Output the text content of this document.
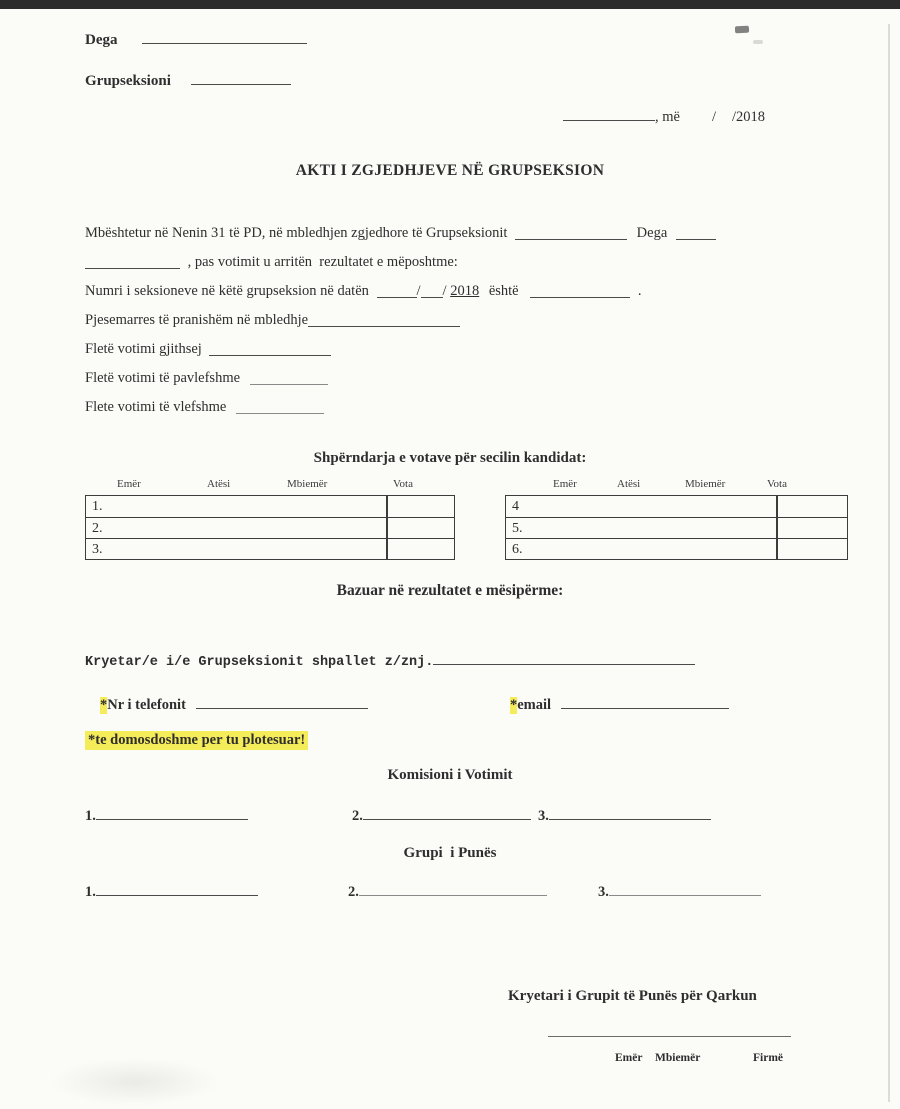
Dega
Grupseksioni
, më / /2018
AKTI I ZGJEDHJEVE NË GRUPSEKSION
Mbështetur në Nenin 31 të PD, në mbledhjen zgjedhore të Grupseksionit	Dega
, pas votimit u arritën  rezultatet e mëposhtme:
Numri i seksioneve në këtë grupseksion në datën	/ / 2018 është	.
Pjesemarres të pranishëm në mbledhje
Fletë votimi gjithsej
Fletë votimi të pavlefshme
Flete votimi të vlefshme
Shpërndarja e votave për secilin kandidat:
Emër	Atësi	Mbiemër	Vota
1.
2.
3.
Emër	Atësi	Mbiemër	Vota
4
5.
6.
Bazuar në rezultatet e mësipërme:
Kryetar/e i/e Grupseksionit shpallet z/znj.
* Nr i telefonit	* email
*te domosdoshme per tu plotesuar!
Komisioni i Votimit
1.	2.	3.
Grupi  i Punës
1.	2.	3.
Kryetari i Grupit të Punës për Qarkun
Emër Mbiemër	Firmë
